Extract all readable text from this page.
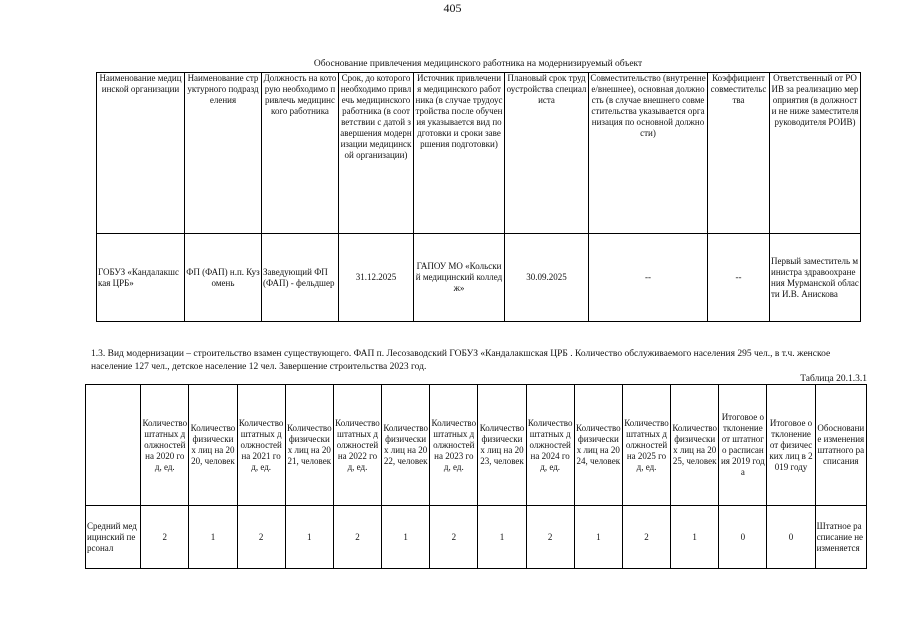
405
Обоснование привлечения медицинского работника на модернизируемый объект
Наименование медицинской организации	Наименование структурного подразделения	Должность на которую необходимо привлечь медицинского работника	Срок, до которого необходимо привлечь медицинского работника (в соответствии с датой завершения модернизации медицинской организации)	Источник привлечения медицинского работника (в случае трудоустройства после обучения указывается вид подготовки и сроки завершения подготовки)	Плановый срок трудоустройства специалиста	Совместительство (внутреннее/внешнее), основная должность (в случае внешнего совместительства указывается организация по основной должности)	Коэффициент совместительства	Ответственный от РОИВ за реализацию мероприятия (в должности не ниже заместителя руководителя РОИВ)
ГОБУЗ «Кандалакшская ЦРБ»	ФП (ФАП) н.п. Кузомень	Заведующий ФП(ФАП) - фельдшер	31.12.2025	ГАПОУ МО «Кольский медицинский колледж»	30.09.2025	--	--	Первый заместитель министра здравоохранения Мурманской области И.В. Анискова
1.3. Вид модернизации – строительство взамен существующего. ФАП п. Лесозаводский ГОБУЗ «Кандалакшская ЦРБ . Количество обслуживаемого населения 295 чел., в т.ч. женское население 127 чел., детское население 12 чел. Завершение строительства 2023 год.
Таблица 20.1.3.1
	Количество штатных должностей на 2020 год, ед.	Количество физических лиц на 2020, человек	Количество штатных должностей на 2021 год, ед.	Количество физических лиц на 2021, человек	Количество штатных должностей на 2022 год, ед.	Количество физических лиц на 2022, человек	Количество штатных должностей на 2023 год, ед.	Количество физических лиц на 2023, человек	Количество штатных должностей на 2024 год, ед.	Количество физических лиц на 2024, человек	Количество штатных должностей на 2025 год, ед.	Количество физических лиц на 2025, человек	Итоговое отклонение от штатного расписания 2019 года	Итоговое отклонение от физических лиц в 2019 году	Обоснование изменения штатного расписания
Средний медицинский персонал	2	1	2	1	2	1	2	1	2	1	2	1	0	0	Штатное расписание не изменяется
